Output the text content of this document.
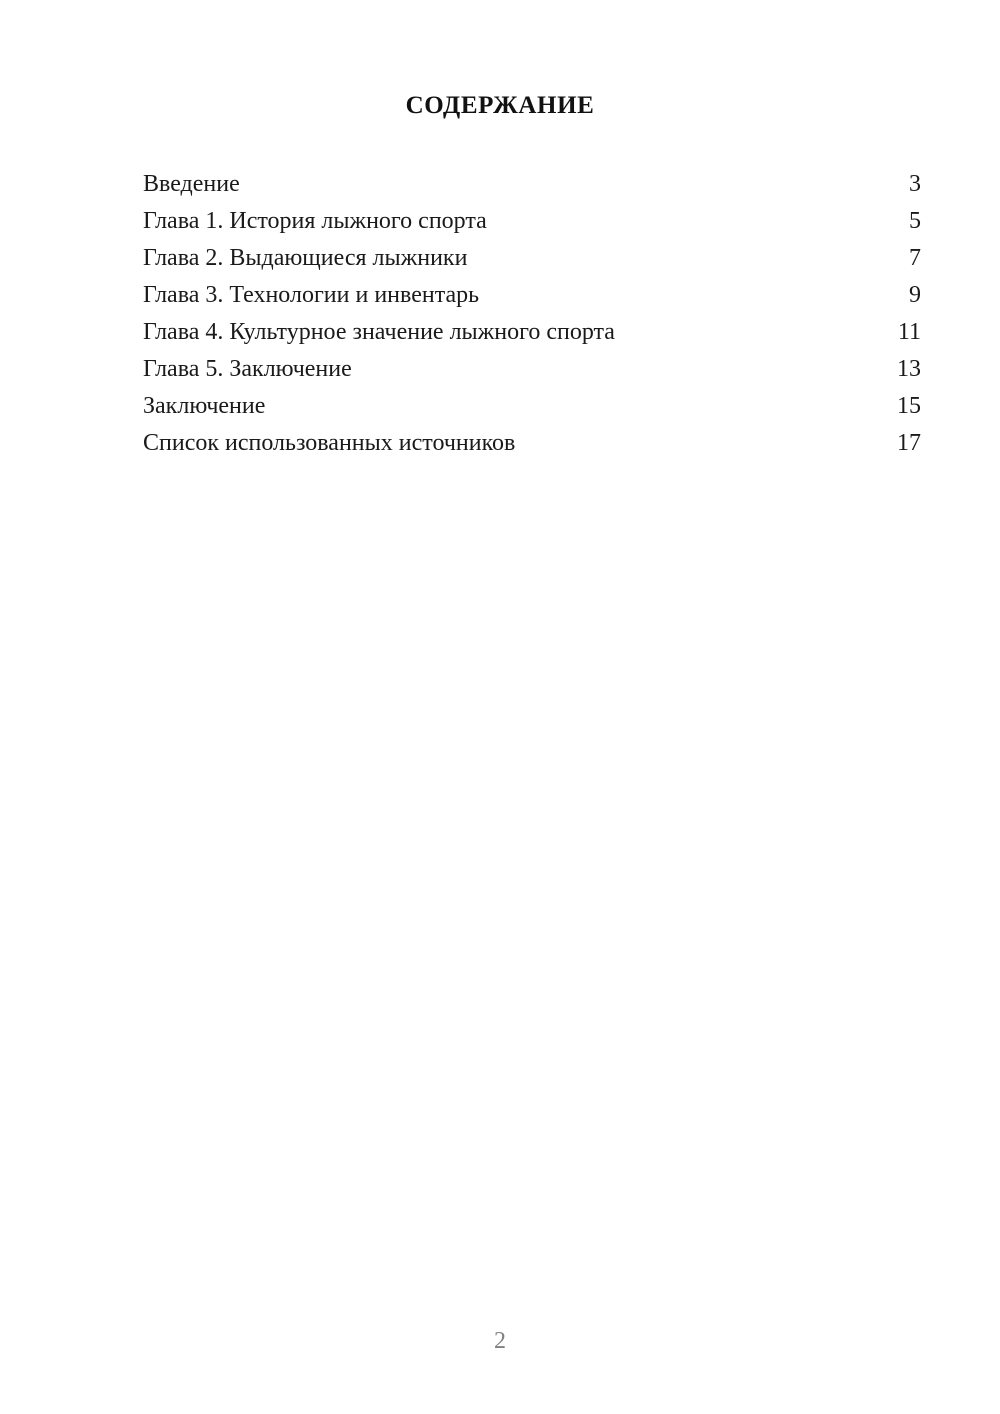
СОДЕРЖАНИЕ
Введение	3
Глава 1. История лыжного спорта	5
Глава 2. Выдающиеся лыжники	7
Глава 3. Технологии и инвентарь	9
Глава 4. Культурное значение лыжного спорта	11
Глава 5. Заключение	13
Заключение	15
Список использованных источников	17
2
